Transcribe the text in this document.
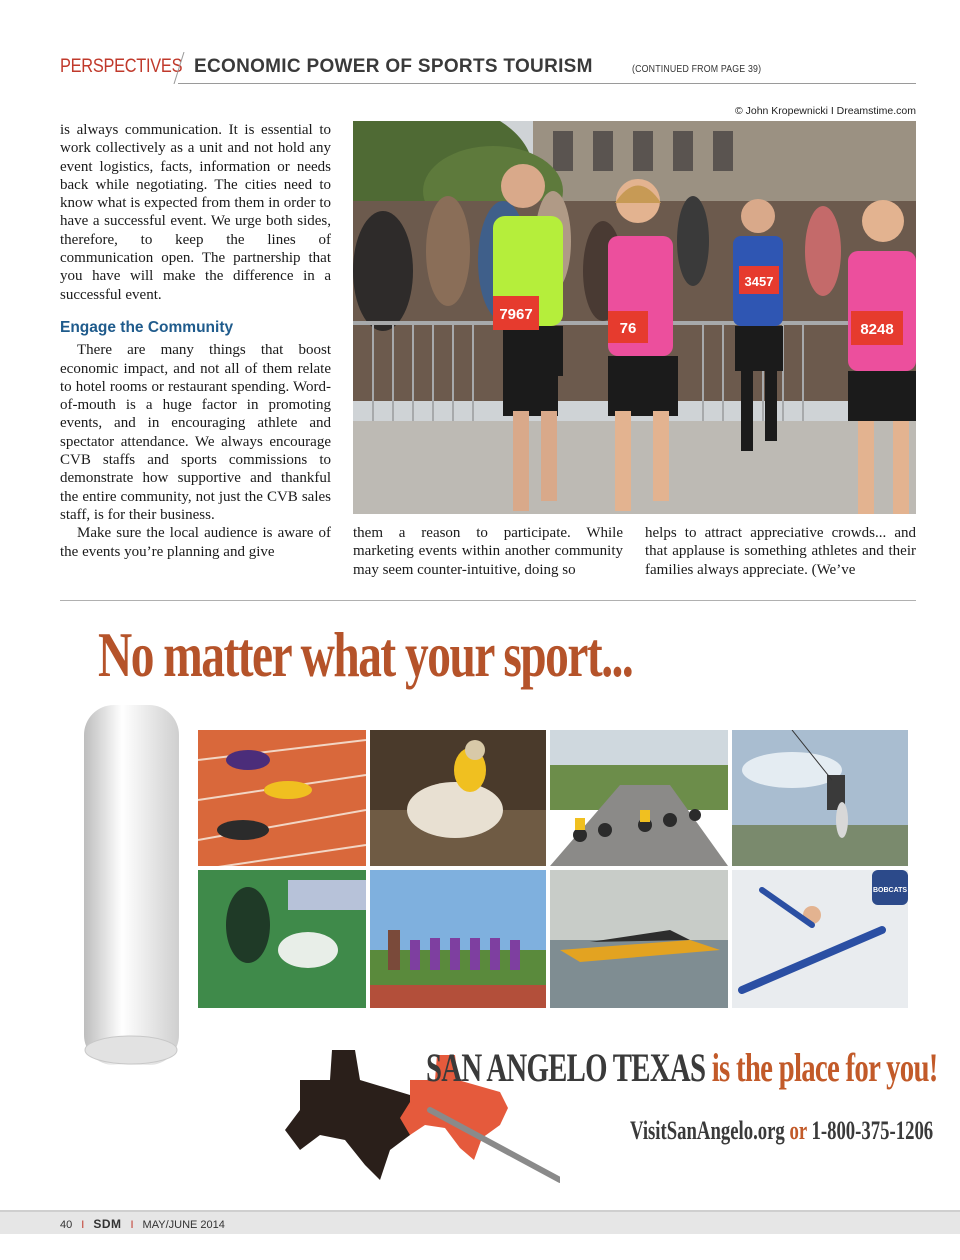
PERSPECTIVES ECONOMIC POWER OF SPORTS TOURISM	(CONTINUED FROM PAGE 39)

is always communication. It is essential to work collectively as a unit and not hold any event logistics, facts, information or needs back while negotiating. The cities need to know what is expected from them in order to have a successful event. We urge both sides, therefore, to keep the lines of communication open. The partnership that you have will make the difference in a successful event.

Engage the Community

There are many things that boost economic impact, and not all of them relate to hotel rooms or restaurant spending. Word-of-mouth is a huge factor in promoting events, and in encouraging athlete and spectator attendance. We always encourage CVB staffs and sports commissions to demonstrate how supportive and thankful the entire community, not just the CVB sales staff, is for their business.

Make sure the local audience is aware of the events you’re planning and give

© John Kropewnicki I Dreamstime.com
7967
76
3457
8248

them a reason to participate. While marketing events within another community may seem counter-intuitive, doing so

helps to attract appreciative crowds... and that applause is something athletes and their families always appreciate. (We’ve

No matter what your sport...
BOBCATS
SAN ANGELO TEXAS is the place for you!
VisitSanAngelo.org or 1-800-375-1206
40 I SDM I MAY/JUNE 2014
